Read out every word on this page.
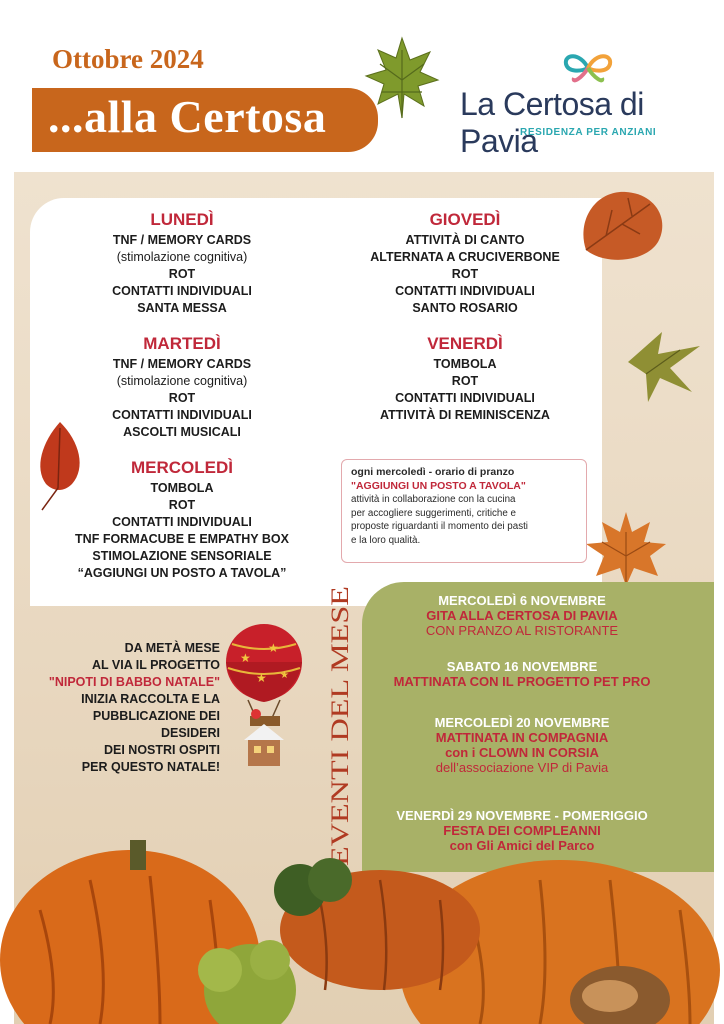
Ottobre 2024
...alla Certosa	La Certosa di Pavia
RESIDENZA PER ANZIANI
LUNEDÌ
TNF / MEMORY CARDS
(stimolazione cognitiva)
ROT
CONTATTI INDIVIDUALI
SANTA MESSA
MARTEDÌ
TNF / MEMORY CARDS
(stimolazione cognitiva)
ROT
CONTATTI INDIVIDUALI
ASCOLTI MUSICALI
MERCOLEDÌ
TOMBOLA
ROT
CONTATTI INDIVIDUALI
TNF FORMACUBE E EMPATHY BOX
STIMOLAZIONE SENSORIALE
“AGGIUNGI UN POSTO A TAVOLA”
GIOVEDÌ
ATTIVITÀ DI CANTO
ALTERNATA A CRUCIVERBONE
ROT
CONTATTI INDIVIDUALI
SANTO ROSARIO
VENERDÌ
TOMBOLA
ROT
CONTATTI INDIVIDUALI
ATTIVITÀ DI REMINISCENZA
ogni mercoledì - orario di pranzo
"AGGIUNGI UN POSTO A TAVOLA"
attività in collaborazione con la cucina
per accogliere suggerimenti, critiche e
proposte riguardanti il momento dei pasti
e la loro qualità.
EVENTI DEL MESE
MERCOLEDÌ 6 NOVEMBRE
GITA ALLA CERTOSA DI PAVIA
CON PRANZO AL RISTORANTE
SABATO 16 NOVEMBRE
MATTINATA CON IL PROGETTO PET PRO
MERCOLEDÌ 20 NOVEMBRE
MATTINATA IN COMPAGNIA
con i CLOWN IN CORSIA
dell’associazione VIP di Pavia
VENERDÌ 29 NOVEMBRE - POMERIGGIO
FESTA DEI COMPLEANNI
con Gli Amici del Parco
DA METÀ MESE
AL VIA IL PROGETTO
"NIPOTI DI BABBO NATALE"
INIZIA RACCOLTA E LA
PUBBLICAZIONE DEI
DESIDERI
DEI NOSTRI OSPITI
PER QUESTO NATALE!
★
★
★ ★
